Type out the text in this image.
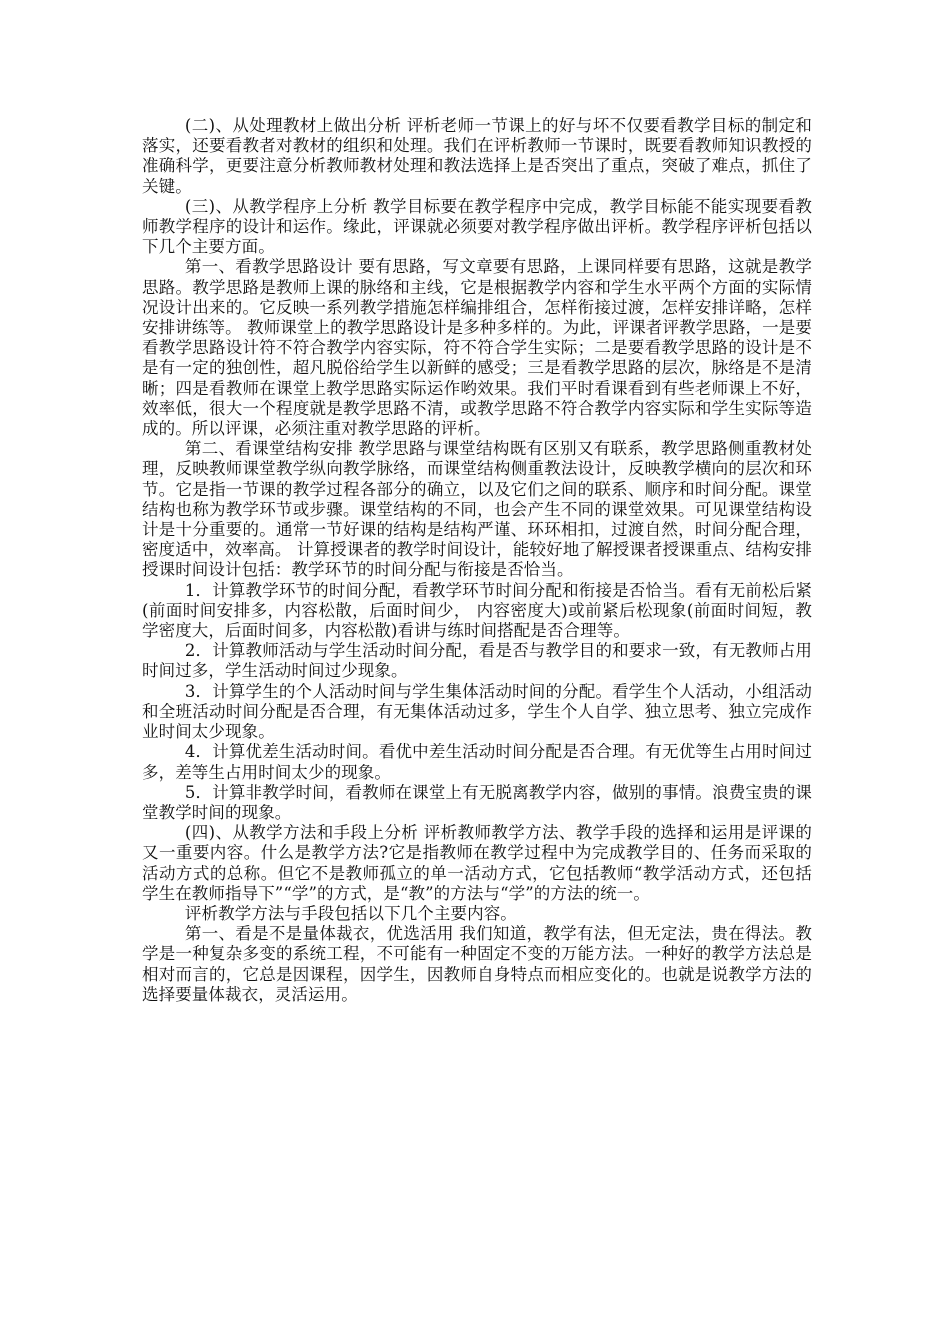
(二)、从处理教材上做出分析 评析老师一节课上的好与坏不仅要看教学目标的制定和落实，还要看教者对教材的组织和处理。我们在评析教师一节课时，既要看教师知识教授的准确科学，更要注意分析教师教材处理和教法选择上是否突出了重点，突破了难点，抓住了关键。

(三)、从教学程序上分析 教学目标要在教学程序中完成，教学目标能不能实现要看教师教学程序的设计和运作。缘此，评课就必须要对教学程序做出评析。教学程序评析包括以下几个主要方面。

第一、看教学思路设计 要有思路，写文章要有思路，上课同样要有思路，这就是教学思路。教学思路是教师上课的脉络和主线，它是根据教学内容和学生水平两个方面的实际情况设计出来的。它反映一系列教学措施怎样编排组合，怎样衔接过渡，怎样安排详略，怎样安排讲练等。 教师课堂上的教学思路设计是多种多样的。为此，评课者评教学思路，一是要看教学思路设计符不符合教学内容实际，符不符合学生实际；二是要看教学思路的设计是不是有一定的独创性，超凡脱俗给学生以新鲜的感受；三是看教学思路的层次，脉络是不是清晰；四是看教师在课堂上教学思路实际运作哟效果。我们平时看课看到有些老师课上不好，效率低，很大一个程度就是教学思路不清，或教学思路不符合教学内容实际和学生实际等造成的。所以评课，必须注重对教学思路的评析。

第二、看课堂结构安排 教学思路与课堂结构既有区别又有联系，教学思路侧重教材处理，反映教师课堂教学纵向教学脉络，而课堂结构侧重教法设计，反映教学横向的层次和环节。它是指一节课的教学过程各部分的确立，以及它们之间的联系、顺序和时间分配。课堂结构也称为教学环节或步骤。课堂结构的不同，也会产生不同的课堂效果。可见课堂结构设计是十分重要的。通常一节好课的结构是结构严谨、环环相扣，过渡自然，时间分配合理，密度适中，效率高。 计算授课者的教学时间设计，能较好地了解授课者授课重点、结构安排授课时间设计包括：教学环节的时间分配与衔接是否恰当。

1．计算教学环节的时间分配，看教学环节时间分配和衔接是否恰当。看有无前松后紧(前面时间安排多，内容松散，后面时间少， 内容密度大)或前紧后松现象(前面时间短，教学密度大，后面时间多，内容松散)看讲与练时间搭配是否合理等。

2．计算教师活动与学生活动时间分配，看是否与教学目的和要求一致，有无教师占用时间过多，学生活动时间过少现象。

3．计算学生的个人活动时间与学生集体活动时间的分配。看学生个人活动，小组活动和全班活动时间分配是否合理，有无集体活动过多，学生个人自学、独立思考、独立完成作业时间太少现象。

4．计算优差生活动时间。看优中差生活动时间分配是否合理。有无优等生占用时间过多，差等生占用时间太少的现象。

5．计算非教学时间，看教师在课堂上有无脱离教学内容，做别的事情。浪费宝贵的课堂教学时间的现象。

(四)、从教学方法和手段上分析 评析教师教学方法、教学手段的选择和运用是评课的又一重要内容。什么是教学方法?它是指教师在教学过程中为完成教学目的、任务而采取的活动方式的总称。但它不是教师孤立的单一活动方式，它包括教师“教学活动方式，还包括学生在教师指导下”“学”的方式，是“教”的方法与“学”的方法的统一。

评析教学方法与手段包括以下几个主要内容。

第一、看是不是量体裁衣，优选活用 我们知道，教学有法，但无定法，贵在得法。教学是一种复杂多变的系统工程，不可能有一种固定不变的万能方法。一种好的教学方法总是相对而言的，它总是因课程，因学生，因教师自身特点而相应变化的。也就是说教学方法的选择要量体裁衣，灵活运用。
